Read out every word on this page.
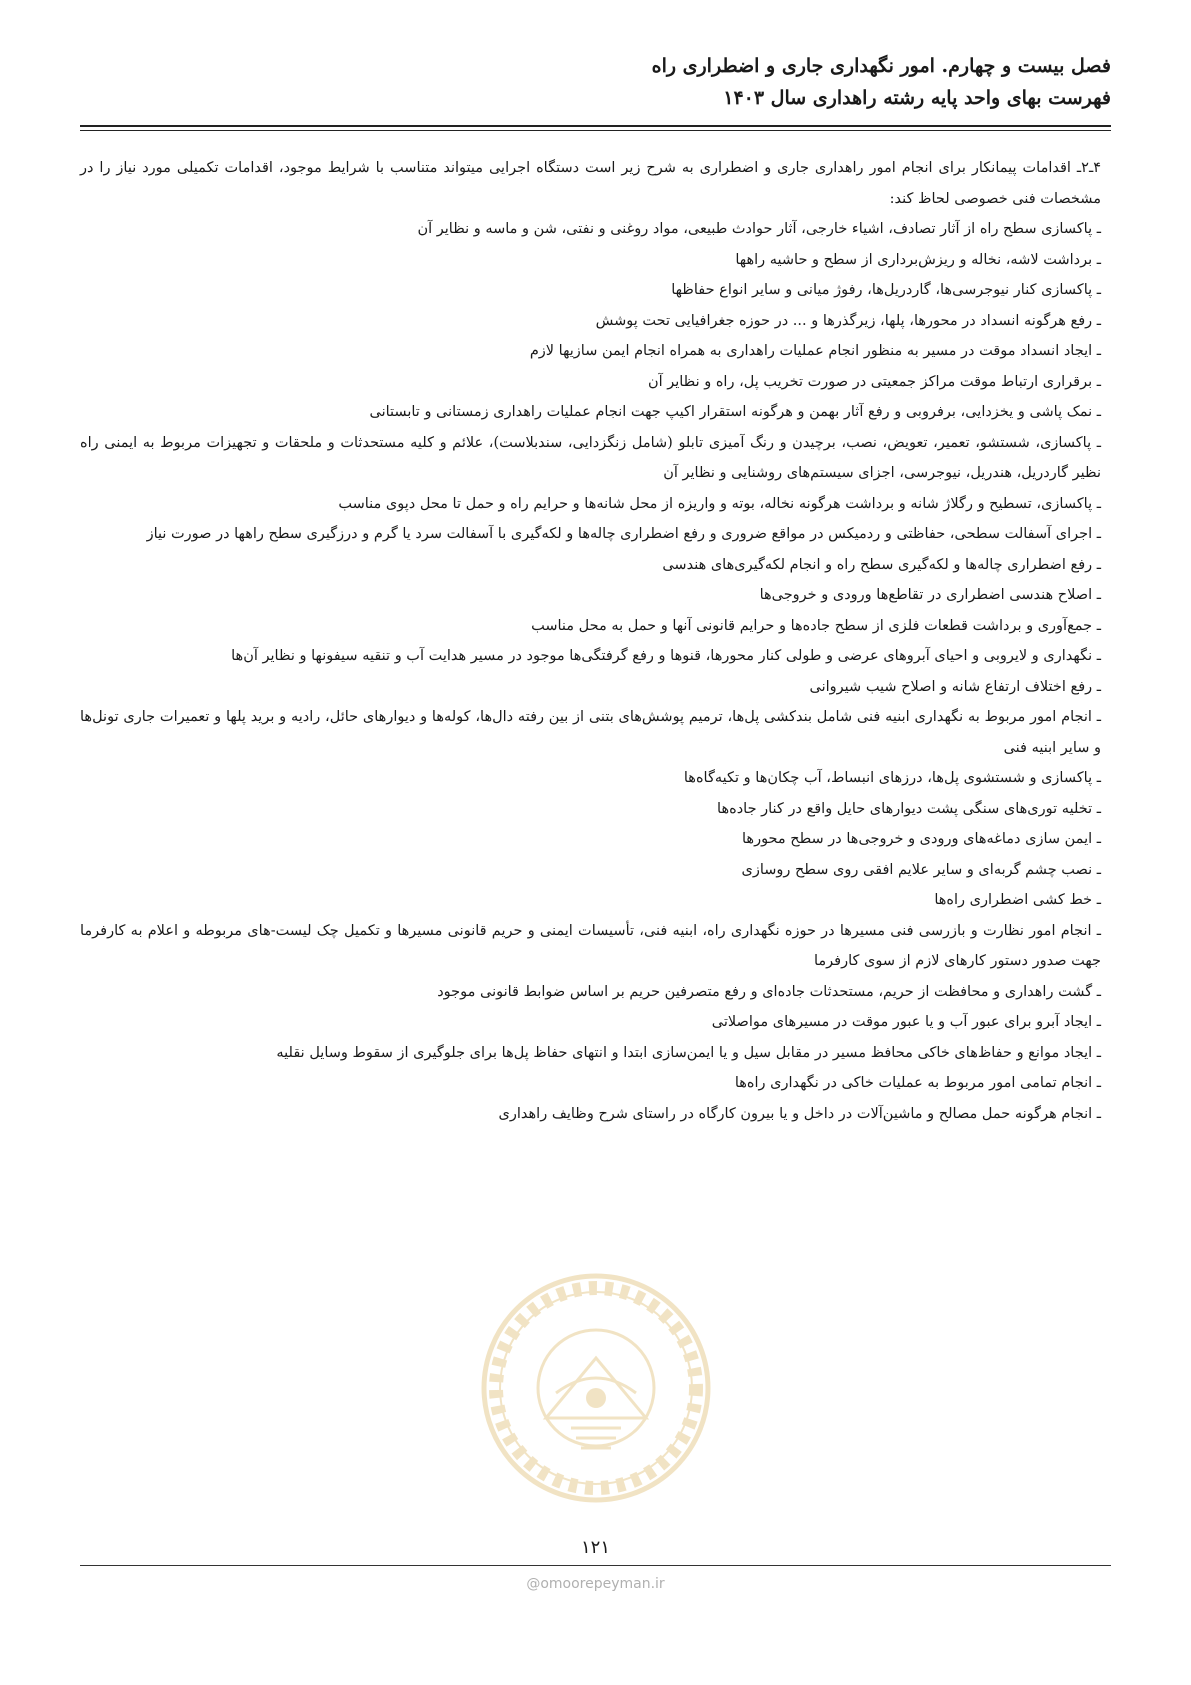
فصل بیست و چهارم. امور نگهداری جاری و اضطراری راه
فهرست بهای واحد پایه رشته راهداری سال ۱۴۰۳

۴ـ۲ـ اقدامات پیمانکار برای انجام امور راهداری جاری و اضطراری به شرح زیر است دستگاه اجرایی میتواند متناسب با شرایط موجود، اقدامات تکمیلی مورد نیاز را در مشخصات فنی خصوصی لحاظ کند:

ـ پاکسازی سطح راه از آثار تصادف، اشیاء خارجی، آثار حوادث طبیعی، مواد روغنی و نفتی، شن و ماسه و نظایر آن

ـ برداشت لاشه، نخاله و ریزش‌برداری از سطح و حاشیه راهها

ـ پاکسازی کنار نیوجرسی‌ها، گاردریل‌ها، رفوژ میانی و سایر انواع حفاظها

ـ رفع هرگونه انسداد در محورها، پلها، زیرگذرها و ... در حوزه جغرافیایی تحت پوشش

ـ ایجاد انسداد موقت در مسیر به منظور انجام عملیات راهداری به همراه انجام ایمن سازیها لازم

ـ برقراری ارتباط موقت مراکز جمعیتی در صورت تخریب پل، راه و نظایر آن

ـ نمک پاشی و یخزدایی، برفروبی و رفع آثار بهمن و هرگونه استقرار اکیپ جهت انجام عملیات راهداری زمستانی و تابستانی

ـ پاکسازی، شستشو، تعمیر، تعویض، نصب، برچیدن و رنگ آمیزی تابلو (شامل زنگزدایی، سندبلاست)، علائم و کلیه مستحدثات و ملحقات و تجهیزات مربوط به ایمنی راه نظیر گاردریل، هندریل، نیوجرسی، اجزای سیستم‌های روشنایی و نظایر آن

ـ پاکسازی، تسطیح و رگلاژ شانه و برداشت هرگونه نخاله، بوته و واریزه از محل شانه‌ها و حرایم راه و حمل تا محل دپوی مناسب

ـ اجرای آسفالت سطحی، حفاظتی و ردمیکس در مواقع ضروری و رفع اضطراری چاله‌ها و لکه‌گیری با آسفالت سرد یا گرم و درزگیری سطح راهها در صورت نیاز

ـ رفع اضطراری چاله‌ها و لکه‌گیری سطح راه و انجام لکه‌گیری‌های هندسی

ـ اصلاح هندسی اضطراری در تقاطع‌ها ورودی و خروجی‌ها

ـ جمع‌آوری و برداشت قطعات فلزی از سطح جاده‌ها و حرایم قانونی آنها و حمل به محل مناسب

ـ نگهداری و لایروبی و احیای آبروهای عرضی و طولی کنار محورها، قنوها و رفع گرفتگی‌ها موجود در مسیر هدایت آب و تنقیه سیفونها و نظایر آن‌ها

ـ رفع اختلاف ارتفاع شانه و اصلاح شیب شیروانی

ـ انجام امور مربوط به نگهداری ابنیه فنی شامل بندکشی پل‌ها، ترمیم پوشش‌های بتنی از بین رفته دال‌ها، کوله‌ها و دیوارهای حائل، رادیه و برید پلها و تعمیرات جاری تونل‌ها و سایر ابنیه فنی

ـ پاکسازی و شستشوی پل‌ها، درزهای انبساط، آب چکان‌ها و تکیه‌گاه‌ها

ـ تخلیه توری‌های سنگی پشت دیوارهای حایل واقع در کنار جاده‌ها

ـ ایمن سازی دماغه‌های ورودی و خروجی‌ها در سطح محورها

ـ نصب چشم گربه‌ای و سایر علایم افقی روی سطح روسازی

ـ خط کشی اضطراری راه‌ها

ـ انجام امور نظارت و بازرسی فنی مسیرها در حوزه نگهداری راه، ابنیه فنی، تأسیسات ایمنی و حریم قانونی مسیرها و تکمیل چک لیست‌-های مربوطه و اعلام به کارفرما جهت صدور دستور کارهای لازم از سوی کارفرما

ـ گشت راهداری و محافظت از حریم، مستحدثات جاده‌ای و رفع متصرفین حریم بر اساس ضوابط قانونی موجود

ـ ایجاد آبرو برای عبور آب و یا عبور موقت در مسیرهای مواصلاتی

ـ ایجاد موانع و حفاظ‌های خاکی محافظ مسیر در مقابل سیل و یا ایمن‌سازی ابتدا و انتهای حفاظ پل‌ها برای جلوگیری از سقوط وسایل نقلیه

ـ انجام تمامی امور مربوط به عملیات خاکی در نگهداری راه‌ها

ـ انجام هرگونه حمل مصالح و ماشین‌آلات در داخل و یا بیرون کارگاه در راستای شرح وظایف راهداری

۱۲۱
@omoorepeyman.ir
